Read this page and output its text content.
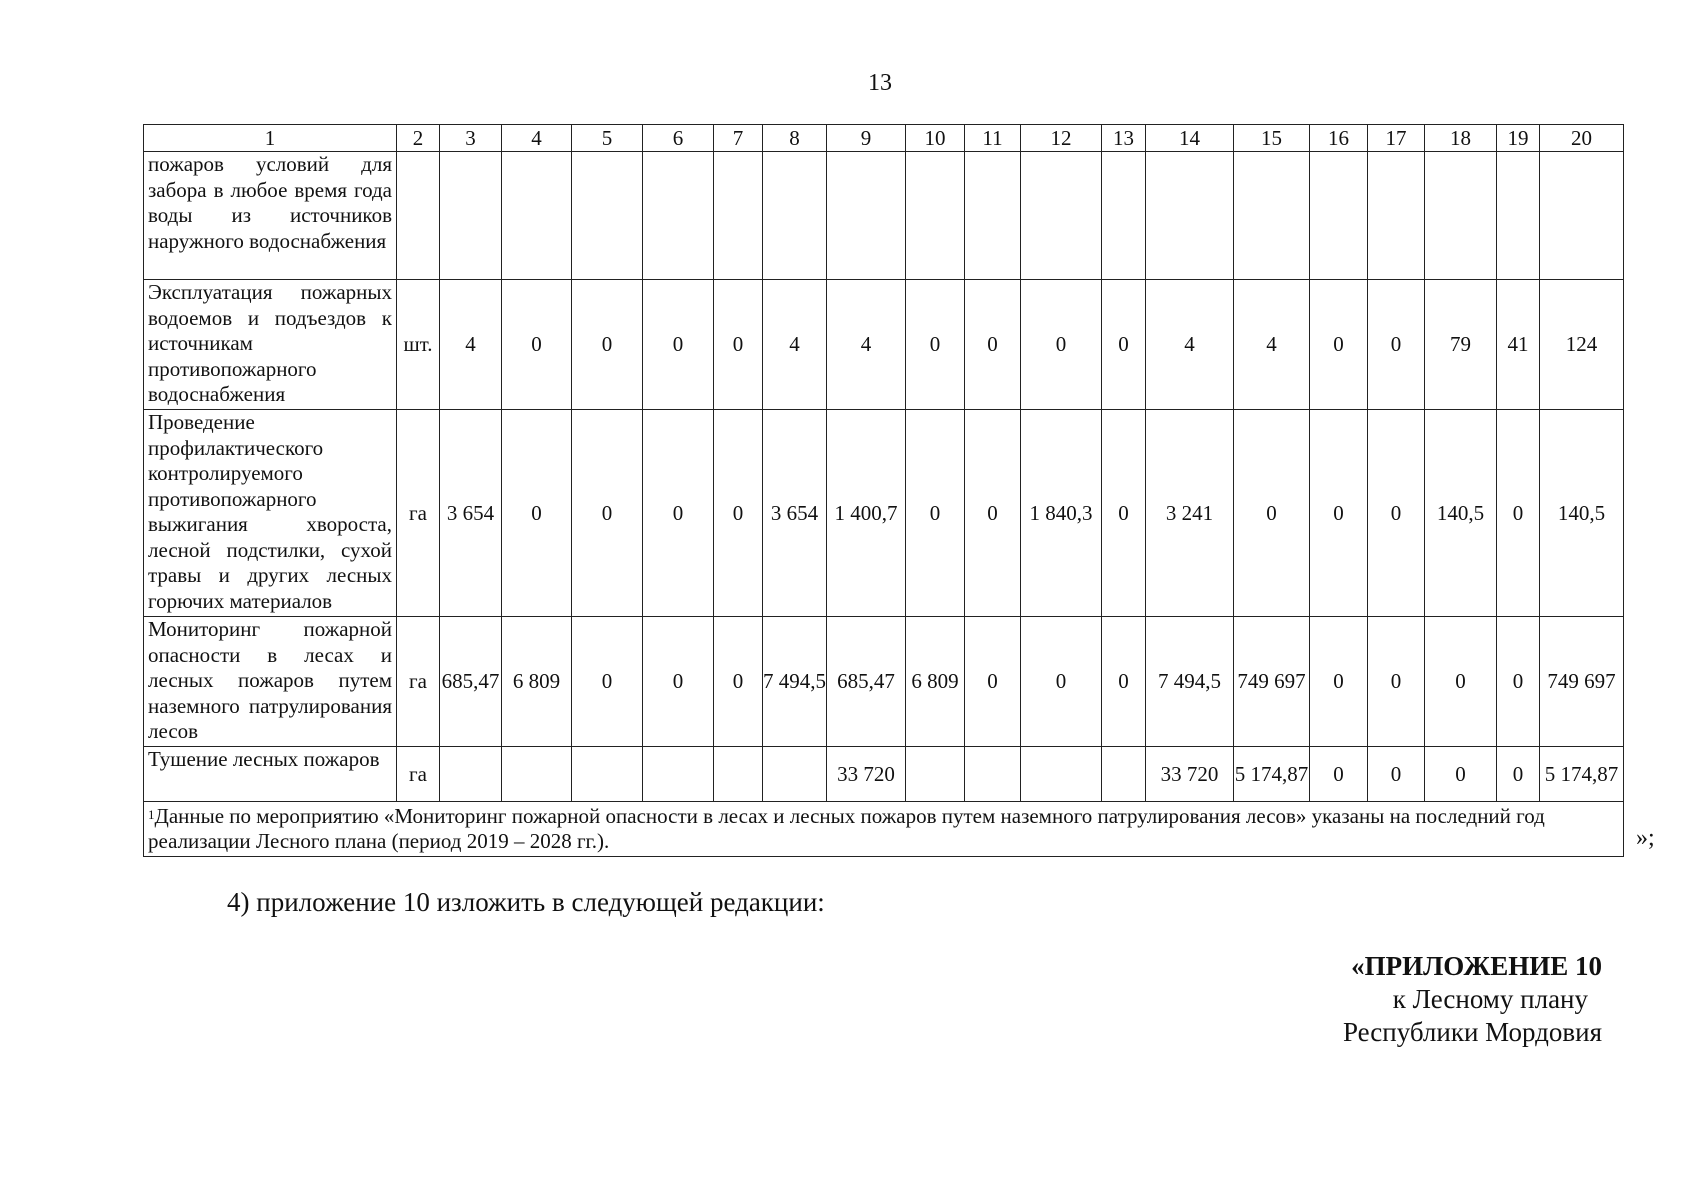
13
1	2	3	4	5	6	7	8	9	10	11	12	13	14	15	16	17	18	19	20
пожаров условий для забора в любое время года воды из источников наружного водоснабжения																			
Эксплуатация пожарных водоемов и подъездов к источникам противопожарного водоснабжения	шт.	4	0	0	0	0	4	4	0	0	0	0	4	4	0	0	79	41	124
Проведение профилактического контролируемого противопожарного выжигания хвороста, лесной подстилки, сухой травы и других лесных горючих материалов	га	3 654	0	0	0	0	3 654	1 400,7	0	0	1 840,3	0	3 241	0	0	0	140,5	0	140,5
Мониторинг пожарной опасности в лесах и лесных пожаров путем наземного патрулирования лесов	га	685,47	6 809	0	0	0	7 494,5	685,47	6 809	0	0	0	7 494,5	749 697	0	0	0	0	749 697
Тушение лесных пожаров	га							33 720					33 720	5 174,87	0	0	0	0	5 174,87
$^1$Данные по мероприятию «Мониторинг пожарной опасности в лесах и лесных пожаров путем наземного патрулирования лесов» указаны на последний год реализации Лесного плана (период 2019 – 2028 гг.).																				»;
4) приложение 10 изложить в следующей редакции:
«ПРИЛОЖЕНИЕ 10
к Лесному плану
Республики Мордовия
